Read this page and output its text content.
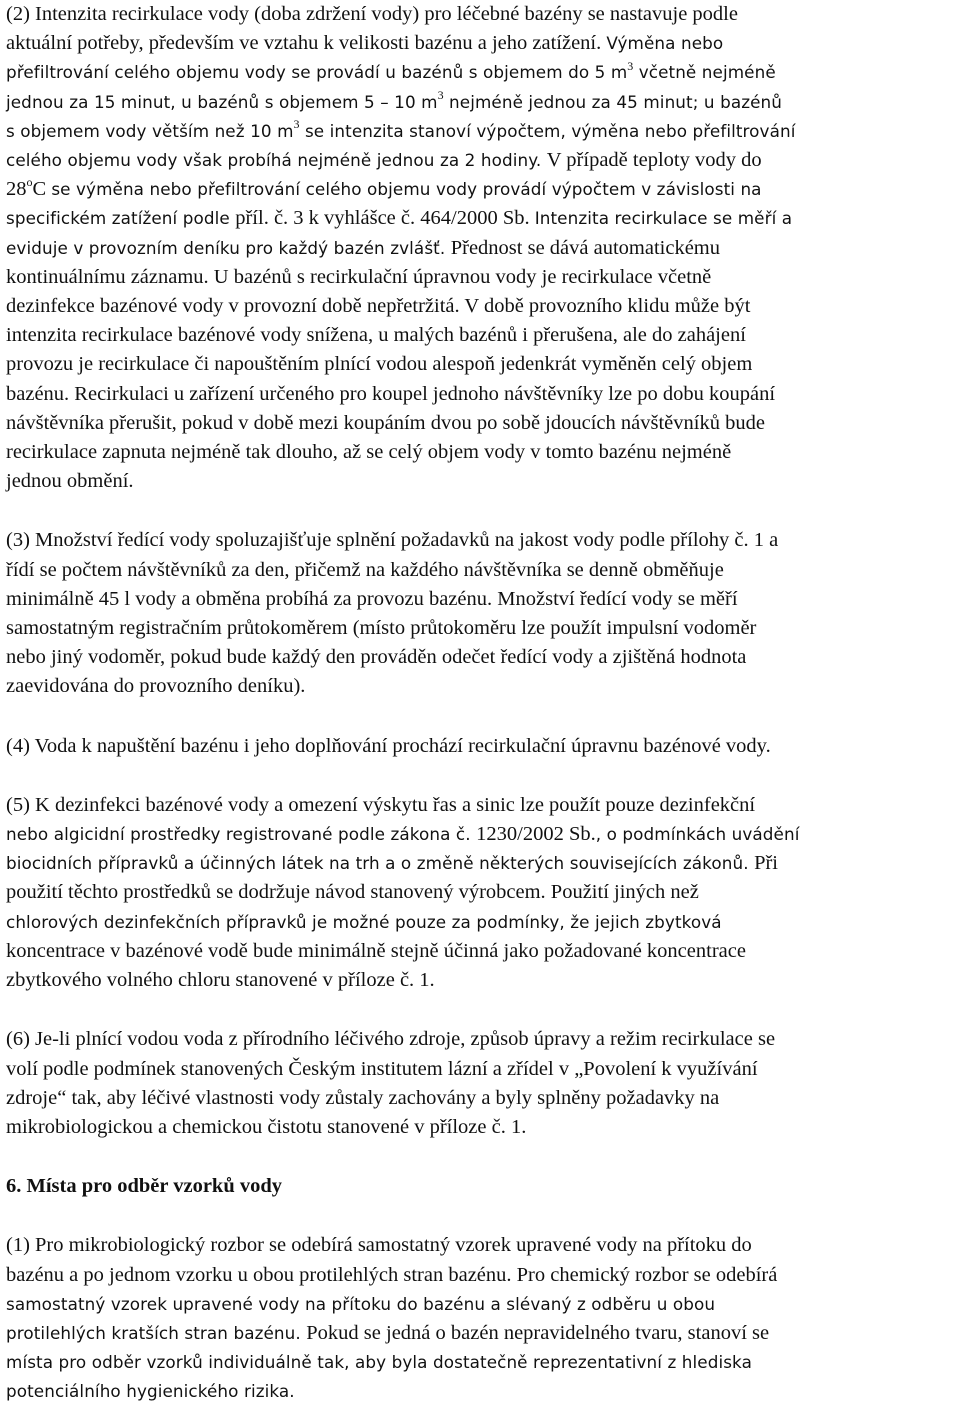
(2) Intenzita recirkulace vody (doba zdržení vody) pro léčebné bazény se nastavuje podle
aktuální potřeby, především ve vztahu k velikosti bazénu a jeho zatížení. Výměna nebo
přefiltrování celého objemu vody se provádí u bazénů s objemem do 5 $m^3$ včetně nejméně
jednou za 15 minut, u bazénů s objemem 5 – 10 $m^3$ nejméně jednou za 45 minut; u bazénů
s objemem vody větším než 10 $m^3$ se intenzita stanoví výpočtem, výměna nebo přefiltrování
celého objemu vody však probíhá nejméně jednou za 2 hodiny. V případě teploty vody do
28$^o$C se výměna nebo přefiltrování celého objemu vody provádí výpočtem v závislosti na
specifickém zatížení podle příl. č. 3 k vyhlášce č. 464/2000 Sb. Intenzita recirkulace se měří a
eviduje v provozním deníku pro každý bazén zvlášť. Přednost se dává automatickému
kontinuálnímu záznamu. U bazénů s recirkulační úpravnou vody je recirkulace včetně
dezinfekce bazénové vody v provozní době nepřetržitá. V době provozního klidu může být
intenzita recirkulace bazénové vody snížena, u malých bazénů i přerušena, ale do zahájení
provozu je recirkulace či napouštěním plnící vodou alespoň jedenkrát vyměněn celý objem
bazénu. Recirkulaci u zařízení určeného pro koupel jednoho návštěvníky lze po dobu koupání
návštěvníka přerušit, pokud v době mezi koupáním dvou po sobě jdoucích návštěvníků bude
recirkulace zapnuta nejméně tak dlouho, až se celý objem vody v tomto bazénu nejméně
jednou obmění.
(3) Množství ředící vody spoluzajišťuje splnění požadavků na jakost vody podle přílohy č. 1 a
řídí se počtem návštěvníků za den, přičemž na každého návštěvníka se denně obměňuje
minimálně 45 l vody a obměna probíhá za provozu bazénu. Množství ředící vody se měří
samostatným registračním průtokoměrem (místo průtokoměru lze použít impulsní vodoměr
nebo jiný vodoměr, pokud bude každý den prováděn odečet ředící vody a zjištěná hodnota
zaevidována do provozního deníku).
(4) Voda k napuštění bazénu i jeho doplňování prochází recirkulační úpravnu bazénové vody.
(5) K dezinfekci bazénové vody a omezení výskytu řas a sinic lze použít pouze dezinfekční
nebo algicidní prostředky registrované podle zákona č. 1230/2002 Sb., o podmínkách uvádění
biocidních přípravků a účinných látek na trh a o změně některých souvisejících zákonů. Při
použití těchto prostředků se dodržuje návod stanovený výrobcem. Použití jiných než
chlorových dezinfekčních přípravků je možné pouze za podmínky, že jejich zbytková
koncentrace v bazénové vodě bude minimálně stejně účinná jako požadované koncentrace
zbytkového volného chloru stanovené v příloze č. 1.
(6) Je-li plnící vodou voda z přírodního léčivého zdroje, způsob úpravy a režim recirkulace se
volí podle podmínek stanovených Českým institutem lázní a zřídel v „Povolení k využívání
zdroje“ tak, aby léčivé vlastnosti vody zůstaly zachovány a byly splněny požadavky na
mikrobiologickou a chemickou čistotu stanovené v příloze č. 1.
6. Místa pro odběr vzorků vody
(1) Pro mikrobiologický rozbor se odebírá samostatný vzorek upravené vody na přítoku do
bazénu a po jednom vzorku u obou protilehlých stran bazénu. Pro chemický rozbor se odebírá
samostatný vzorek upravené vody na přítoku do bazénu a slévaný z odběru u obou
protilehlých kratších stran bazénu. Pokud se jedná o bazén nepravidelného tvaru, stanoví se
místa pro odběr vzorků individuálně tak, aby byla dostatečně reprezentativní z hlediska
potenciálního hygienického rizika.
